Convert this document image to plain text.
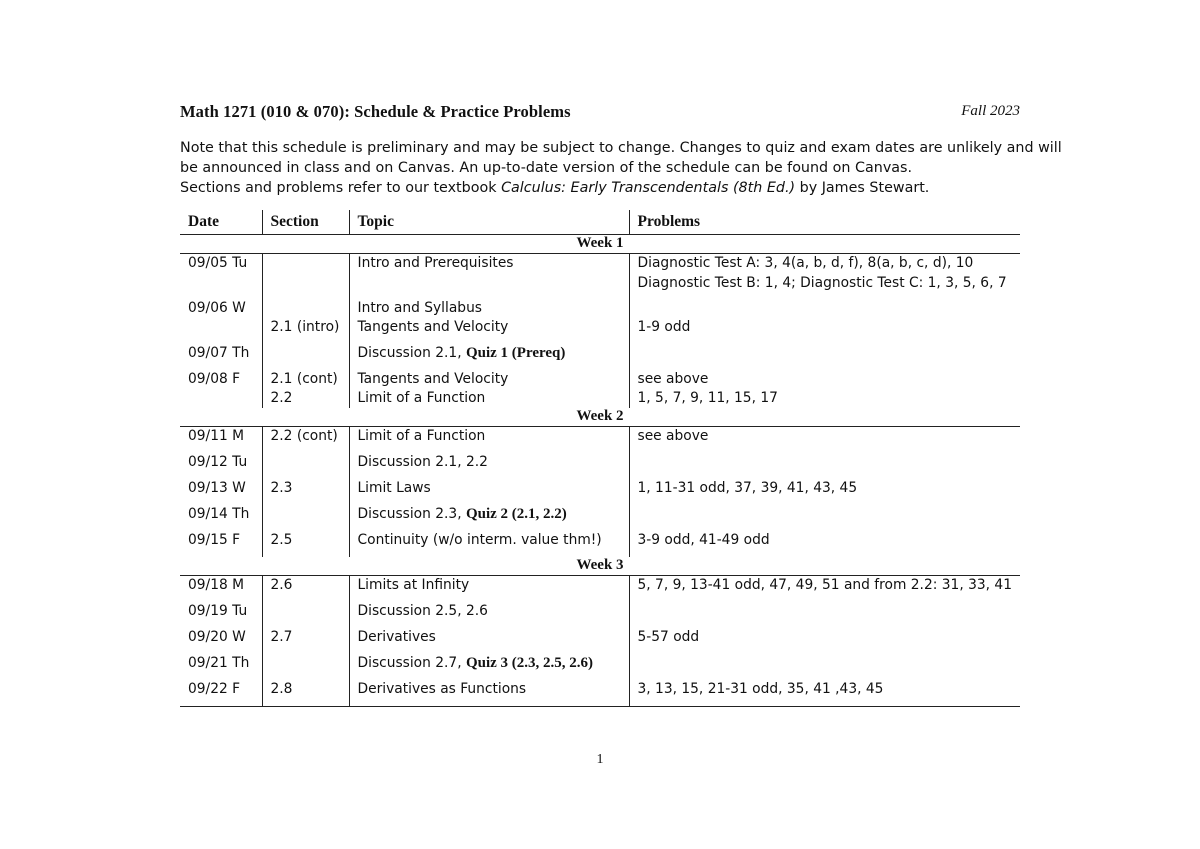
Math 1271 (010 & 070): Schedule & Practice Problems	Fall 2023
Note that this schedule is preliminary and may be subject to change. Changes to quiz and exam dates are unlikely and will
be announced in class and on Canvas. An up-to-date version of the schedule can be found on Canvas.
Sections and problems refer to our textbook Calculus: Early Transcendentals (8th Ed.) by James Stewart.
Date	Section	Topic	Problems
Week 1			
09/05 Tu		Intro and Prerequisites	Diagnostic Test A: 3, 4(a, b, d, f), 8(a, b, c, d), 10
Diagnostic Test B: 1, 4; Diagnostic Test C: 1, 3, 5, 6, 7

09/06 W		Intro and Syllabus	

	2.1 (intro)	Tangents and Velocity	1-9 odd

09/07 Th		Discussion 2.1, Quiz 1 (Prereq)	

09/08 F	2.1 (cont)	Tangents and Velocity	see above

	2.2	Limit of a Function	1, 5, 7, 9, 11, 15, 17

Week 2			
09/11 M	2.2 (cont)	Limit of a Function	see above

09/12 Tu		Discussion 2.1, 2.2	

09/13 W	2.3	Limit Laws	1, 11-31 odd, 37, 39, 41, 43, 45

09/14 Th		Discussion 2.3, Quiz 2 (2.1, 2.2)	

09/15 F	2.5	Continuity (w/o interm. value thm!)	3-9 odd, 41-49 odd

Week 3			
09/18 M	2.6	Limits at Infinity	5, 7, 9, 13-41 odd, 47, 49, 51 and from 2.2: 31, 33, 41

09/19 Tu		Discussion 2.5, 2.6	

09/20 W	2.7	Derivatives	5-57 odd

09/21 Th		Discussion 2.7, Quiz 3 (2.3, 2.5, 2.6)	

09/22 F	2.8	Derivatives as Functions	3, 13, 15, 21-31 odd, 35, 41 ,43, 45
1
